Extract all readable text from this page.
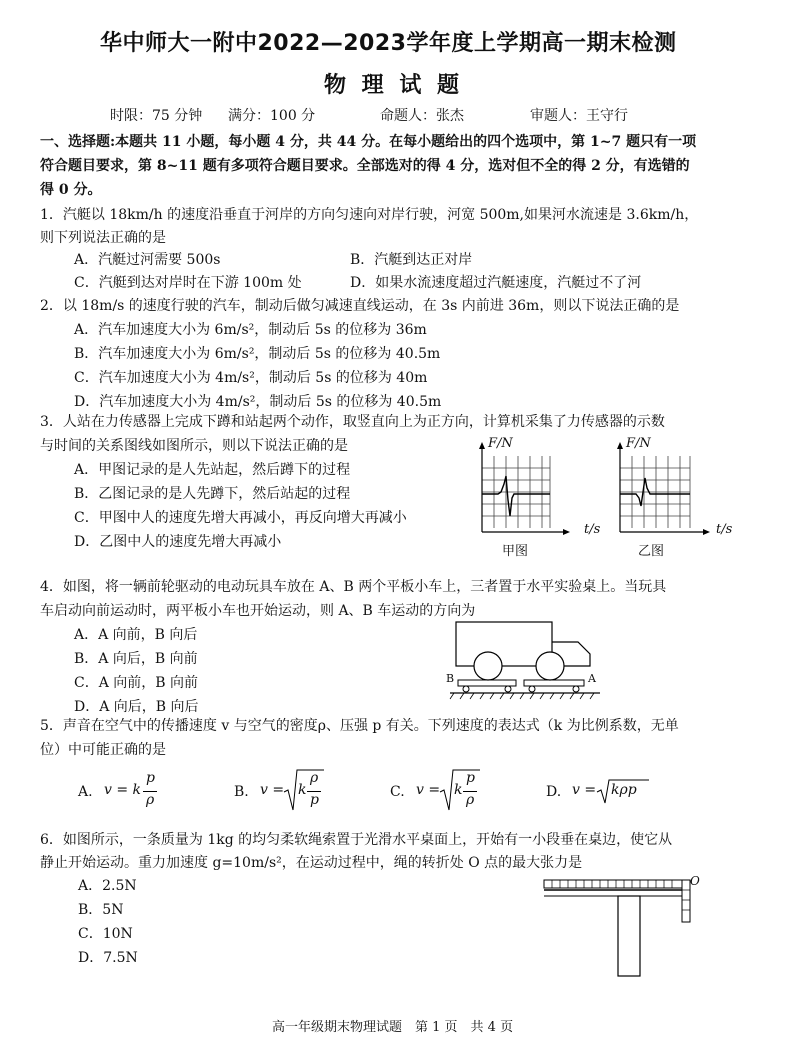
华中师大一附中2022—2023学年度上学期高一期末检测
物 理 试 题
时限：75 分钟 满分：100 分	命题人：张杰	审题人：王守行
一、选择题:本题共 11 小题，每小题 4 分，共 44 分。在每小题给出的四个选项中，第 1~7 题只有一项
符合题目要求，第 8~11 题有多项符合题目要求。全部选对的得 4 分，选对但不全的得 2 分，有选错的
得 0 分。
1．汽艇以 18km/h 的速度沿垂直于河岸的方向匀速向对岸行驶，河宽 500m,如果河水流速是 3.6km/h，
则下列说法正确的是
A．汽艇过河需要 500s	B．汽艇到达正对岸
C．汽艇到达对岸时在下游 100m 处	D．如果水流速度超过汽艇速度，汽艇过不了河
2．以 18m/s 的速度行驶的汽车，制动后做匀减速直线运动，在 3s 内前进 36m，则以下说法正确的是
A．汽车加速度大小为 6m/s²，制动后 5s 的位移为 36m
B．汽车加速度大小为 6m/s²，制动后 5s 的位移为 40.5m
C．汽车加速度大小为 4m/s²，制动后 5s 的位移为 40m
D．汽车加速度大小为 4m/s²，制动后 5s 的位移为 40.5m
3．人站在力传感器上完成下蹲和站起两个动作，取竖直向上为正方向，计算机采集了力传感器的示数
与时间的关系图线如图所示，则以下说法正确的是
A．甲图记录的是人先站起，然后蹲下的过程
B．乙图记录的是人先蹲下，然后站起的过程
C．甲图中人的速度先增大再减小，再反向增大再减小
D．乙图中人的速度先增大再减小
F/N	F/N
t/s	t/s
甲图	乙图
4．如图，将一辆前轮驱动的电动玩具车放在 A、B 两个平板小车上，三者置于水平实验桌上。当玩具
车启动向前运动时，两平板小车也开始运动，则 A、B 车运动的方向为
A．A 向前，B 向后
B．A 向后，B 向前
C．A 向前，B 向前
D．A 向后，B 向后
B	A
5．声音在空气中的传播速度 v 与空气的密度ρ、压强 p 有关。下列速度的表达式（k 为比例系数，无单
位）中可能正确的是
A. v = k
p
ρ	B. v = k
ρ
p	C. v = k
p
ρ	D. v = kρp
6．如图所示，一条质量为 1kg 的均匀柔软绳索置于光滑水平桌面上，开始有一小段垂在桌边，使它从
静止开始运动。重力加速度 g=10m/s²，在运动过程中，绳的转折处 O 点的最大张力是
A．2.5N
B．5N
C．10N
D．7.5N
O
高一年级期末物理试题　第 1 页　共 4 页
